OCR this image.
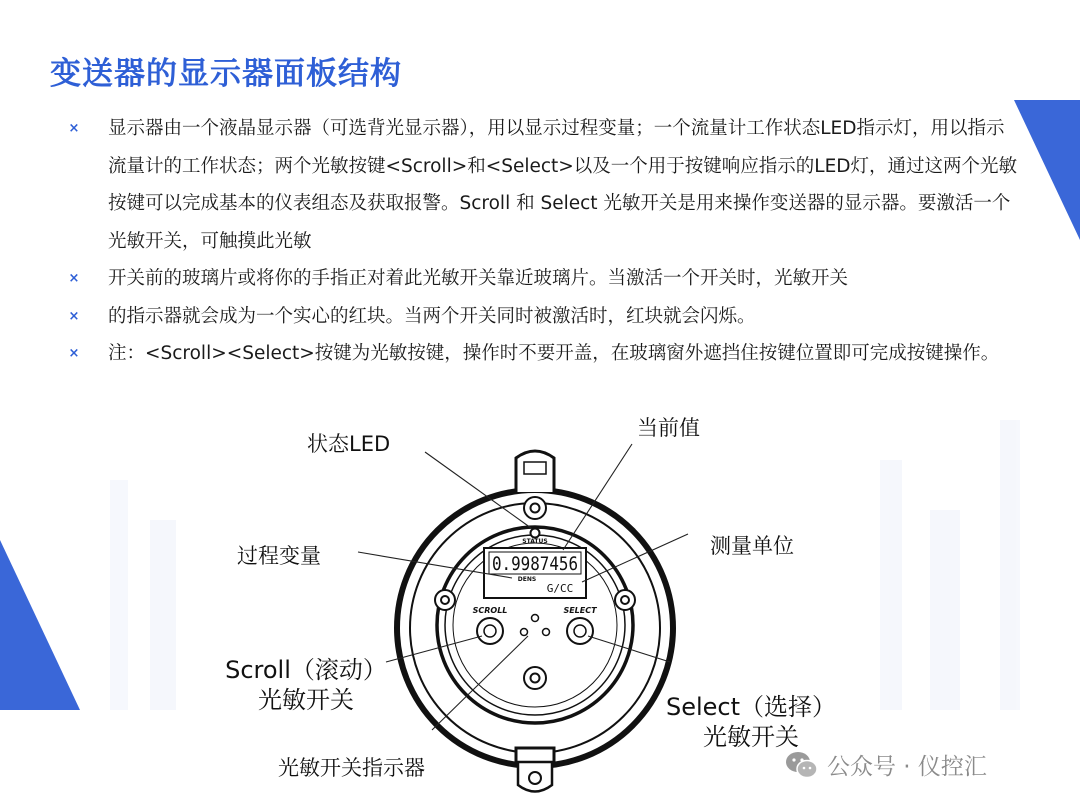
变送器的显示器面板结构
× 显示器由一个液晶显示器（可选背光显示器），用以显示过程变量；一个流量计工作状态LED指示灯，用以指示流量计的工作状态；两个光敏按键<Scroll>和<Select>以及一个用于按键响应指示的LED灯，通过这两个光敏按键可以完成基本的仪表组态及获取报警。Scroll 和 Select 光敏开关是用来操作变送器的显示器。要激活一个光敏开关，可触摸此光敏
× 开关前的玻璃片或将你的手指正对着此光敏开关靠近玻璃片。当激活一个开关时，光敏开关
× 的指示器就会成为一个实心的红块。当两个开关同时被激活时，红块就会闪烁。
× 注：<Scroll><Select>按键为光敏按键，操作时不要开盖，在玻璃窗外遮挡住按键位置即可完成按键操作。
STATUS
0.9987456
DENS
G/CC
SCROLL	SELECT
状态LED
当前值
过程变量	测量单位
Scroll（滚动）
光敏开关	Select（选择）
光敏开关
光敏开关指示器	公众号 · 仪控汇
